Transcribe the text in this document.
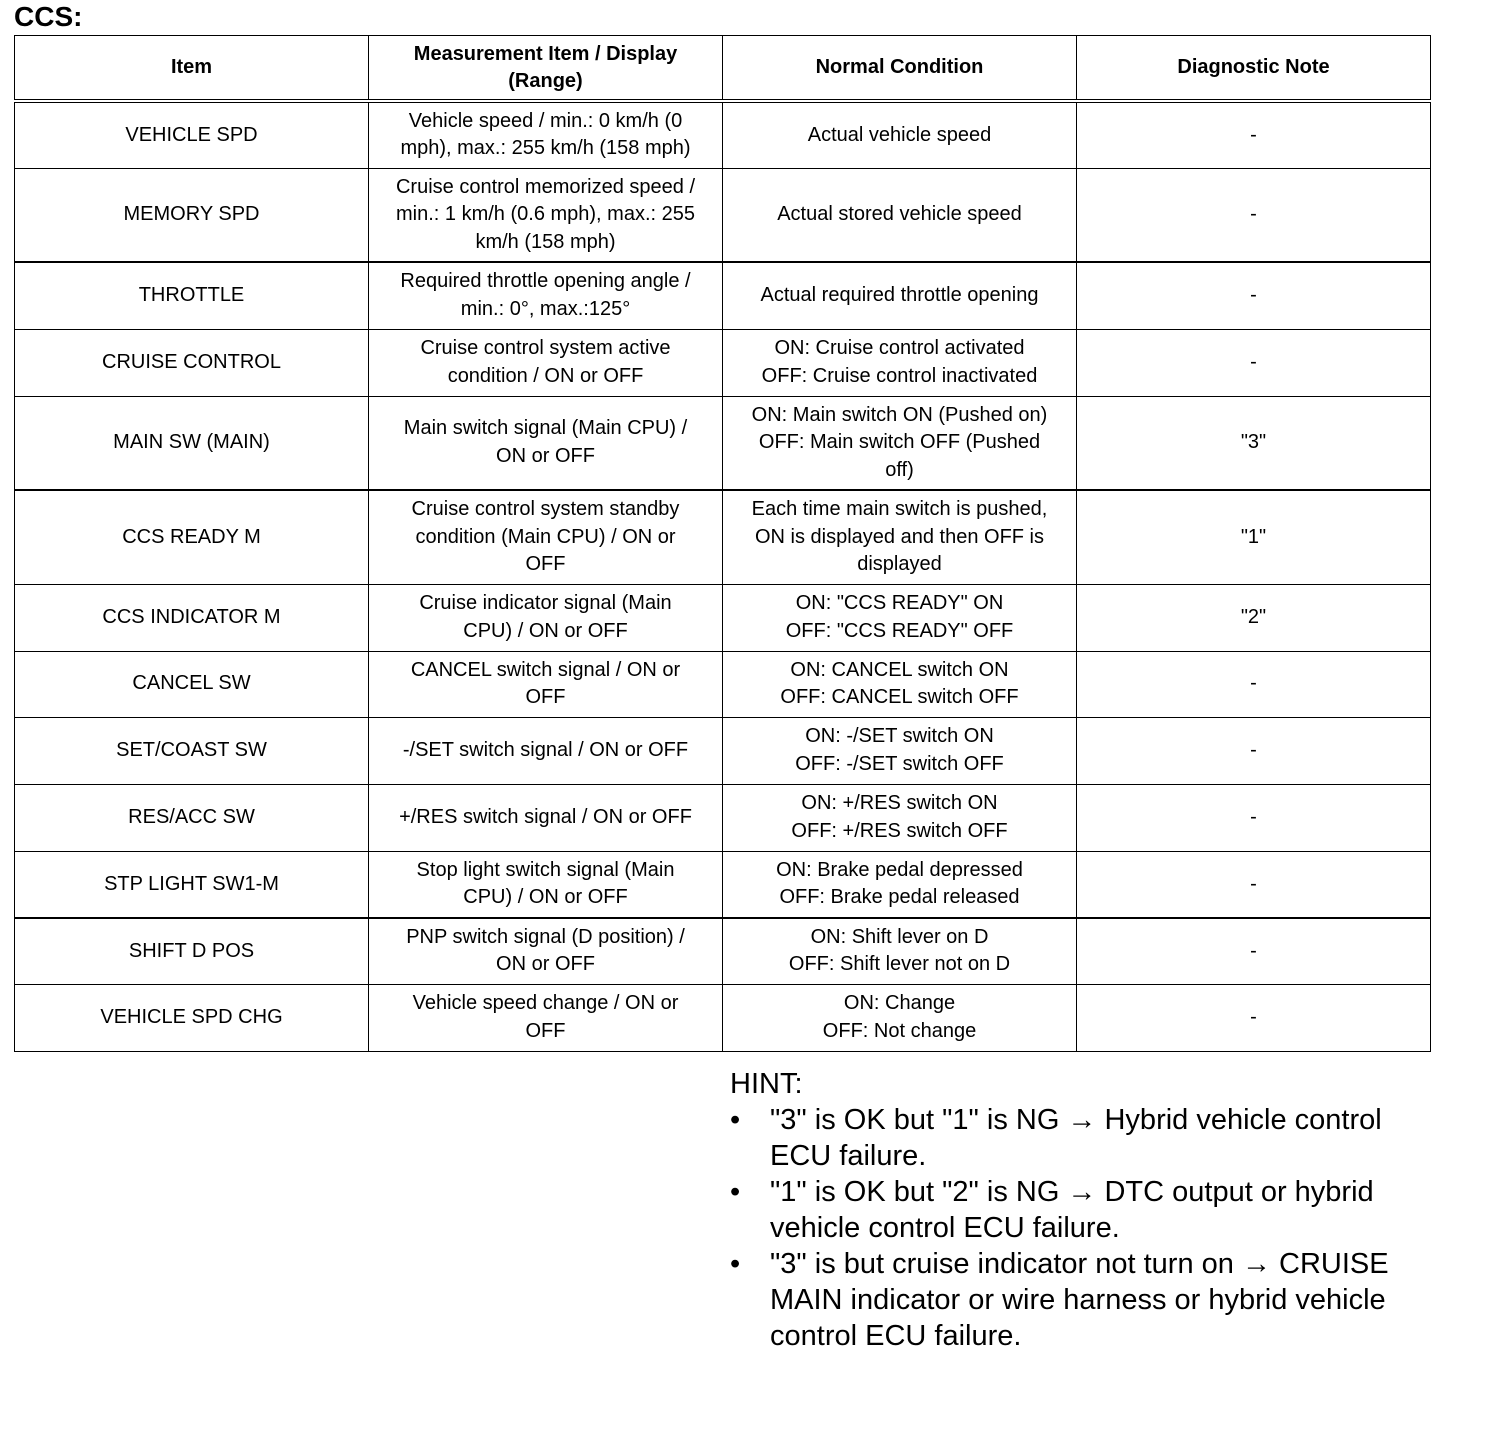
CCS:
Item	Measurement Item / Display
(Range)	Normal Condition	Diagnostic Note
VEHICLE SPD	Vehicle speed / min.: 0 km/h (0
mph), max.: 255 km/h (158 mph)	Actual vehicle speed	-
MEMORY SPD	Cruise control memorized speed /
min.: 1 km/h (0.6 mph), max.: 255
km/h (158 mph)	Actual stored vehicle speed	-
THROTTLE	Required throttle opening angle /
min.: 0°, max.:125°	Actual required throttle opening	-
CRUISE CONTROL	Cruise control system active
condition / ON or OFF	ON: Cruise control activated
OFF: Cruise control inactivated	-
MAIN SW (MAIN)	Main switch signal (Main CPU) /
ON or OFF	ON: Main switch ON (Pushed on)
OFF: Main switch OFF (Pushed
off)	"3"
CCS READY M	Cruise control system standby
condition (Main CPU) / ON or
OFF	Each time main switch is pushed,
ON is displayed and then OFF is
displayed	"1"
CCS INDICATOR M	Cruise indicator signal (Main
CPU) / ON or OFF	ON: "CCS READY" ON
OFF: "CCS READY" OFF	"2"
CANCEL SW	CANCEL switch signal / ON or
OFF	ON: CANCEL switch ON
OFF: CANCEL switch OFF	-
SET/COAST SW	-/SET switch signal / ON or OFF	ON: -/SET switch ON
OFF: -/SET switch OFF	-
RES/ACC SW	+/RES switch signal / ON or OFF	ON: +/RES switch ON
OFF: +/RES switch OFF	-
STP LIGHT SW1-M	Stop light switch signal (Main
CPU) / ON or OFF	ON: Brake pedal depressed
OFF: Brake pedal released	-
SHIFT D POS	PNP switch signal (D position) /
ON or OFF	ON: Shift lever on D
OFF: Shift lever not on D	-
VEHICLE SPD CHG	Vehicle speed change / ON or
OFF	ON: Change
OFF: Not change	-
HINT:
•	"3" is OK but "1" is NG → Hybrid vehicle control ECU failure.
•	"1" is OK but "2" is NG → DTC output or hybrid vehicle control ECU failure.
•	"3" is but cruise indicator not turn on → CRUISE MAIN indicator or wire harness or hybrid vehicle control ECU failure.
